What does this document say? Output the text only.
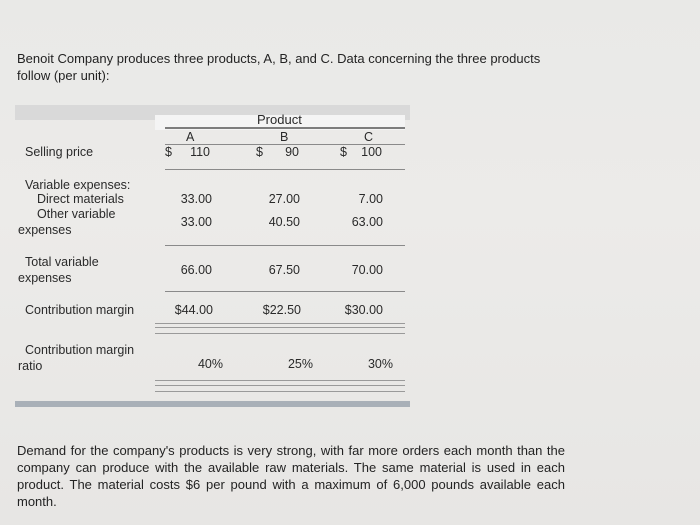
Benoit Company produces three products, A, B, and C. Data concerning the three products follow (per unit):
Product
A	B	C
Selling price	$	110	$	90	$	100
Variable expenses:
Direct materials	33.00	27.00	7.00
Other variable
expenses
33.00	40.50	63.00
Total variable
expenses
66.00	67.50	70.00
Contribution margin	$44.00	$22.50	$30.00
Contribution margin
ratio	40%	25%	30%
Demand for the company's products is very strong, with far more orders each month than the company can produce with the available raw materials. The same material is used in each product. The material costs $6 per pound with a maximum of 6,000 pounds available each month.
